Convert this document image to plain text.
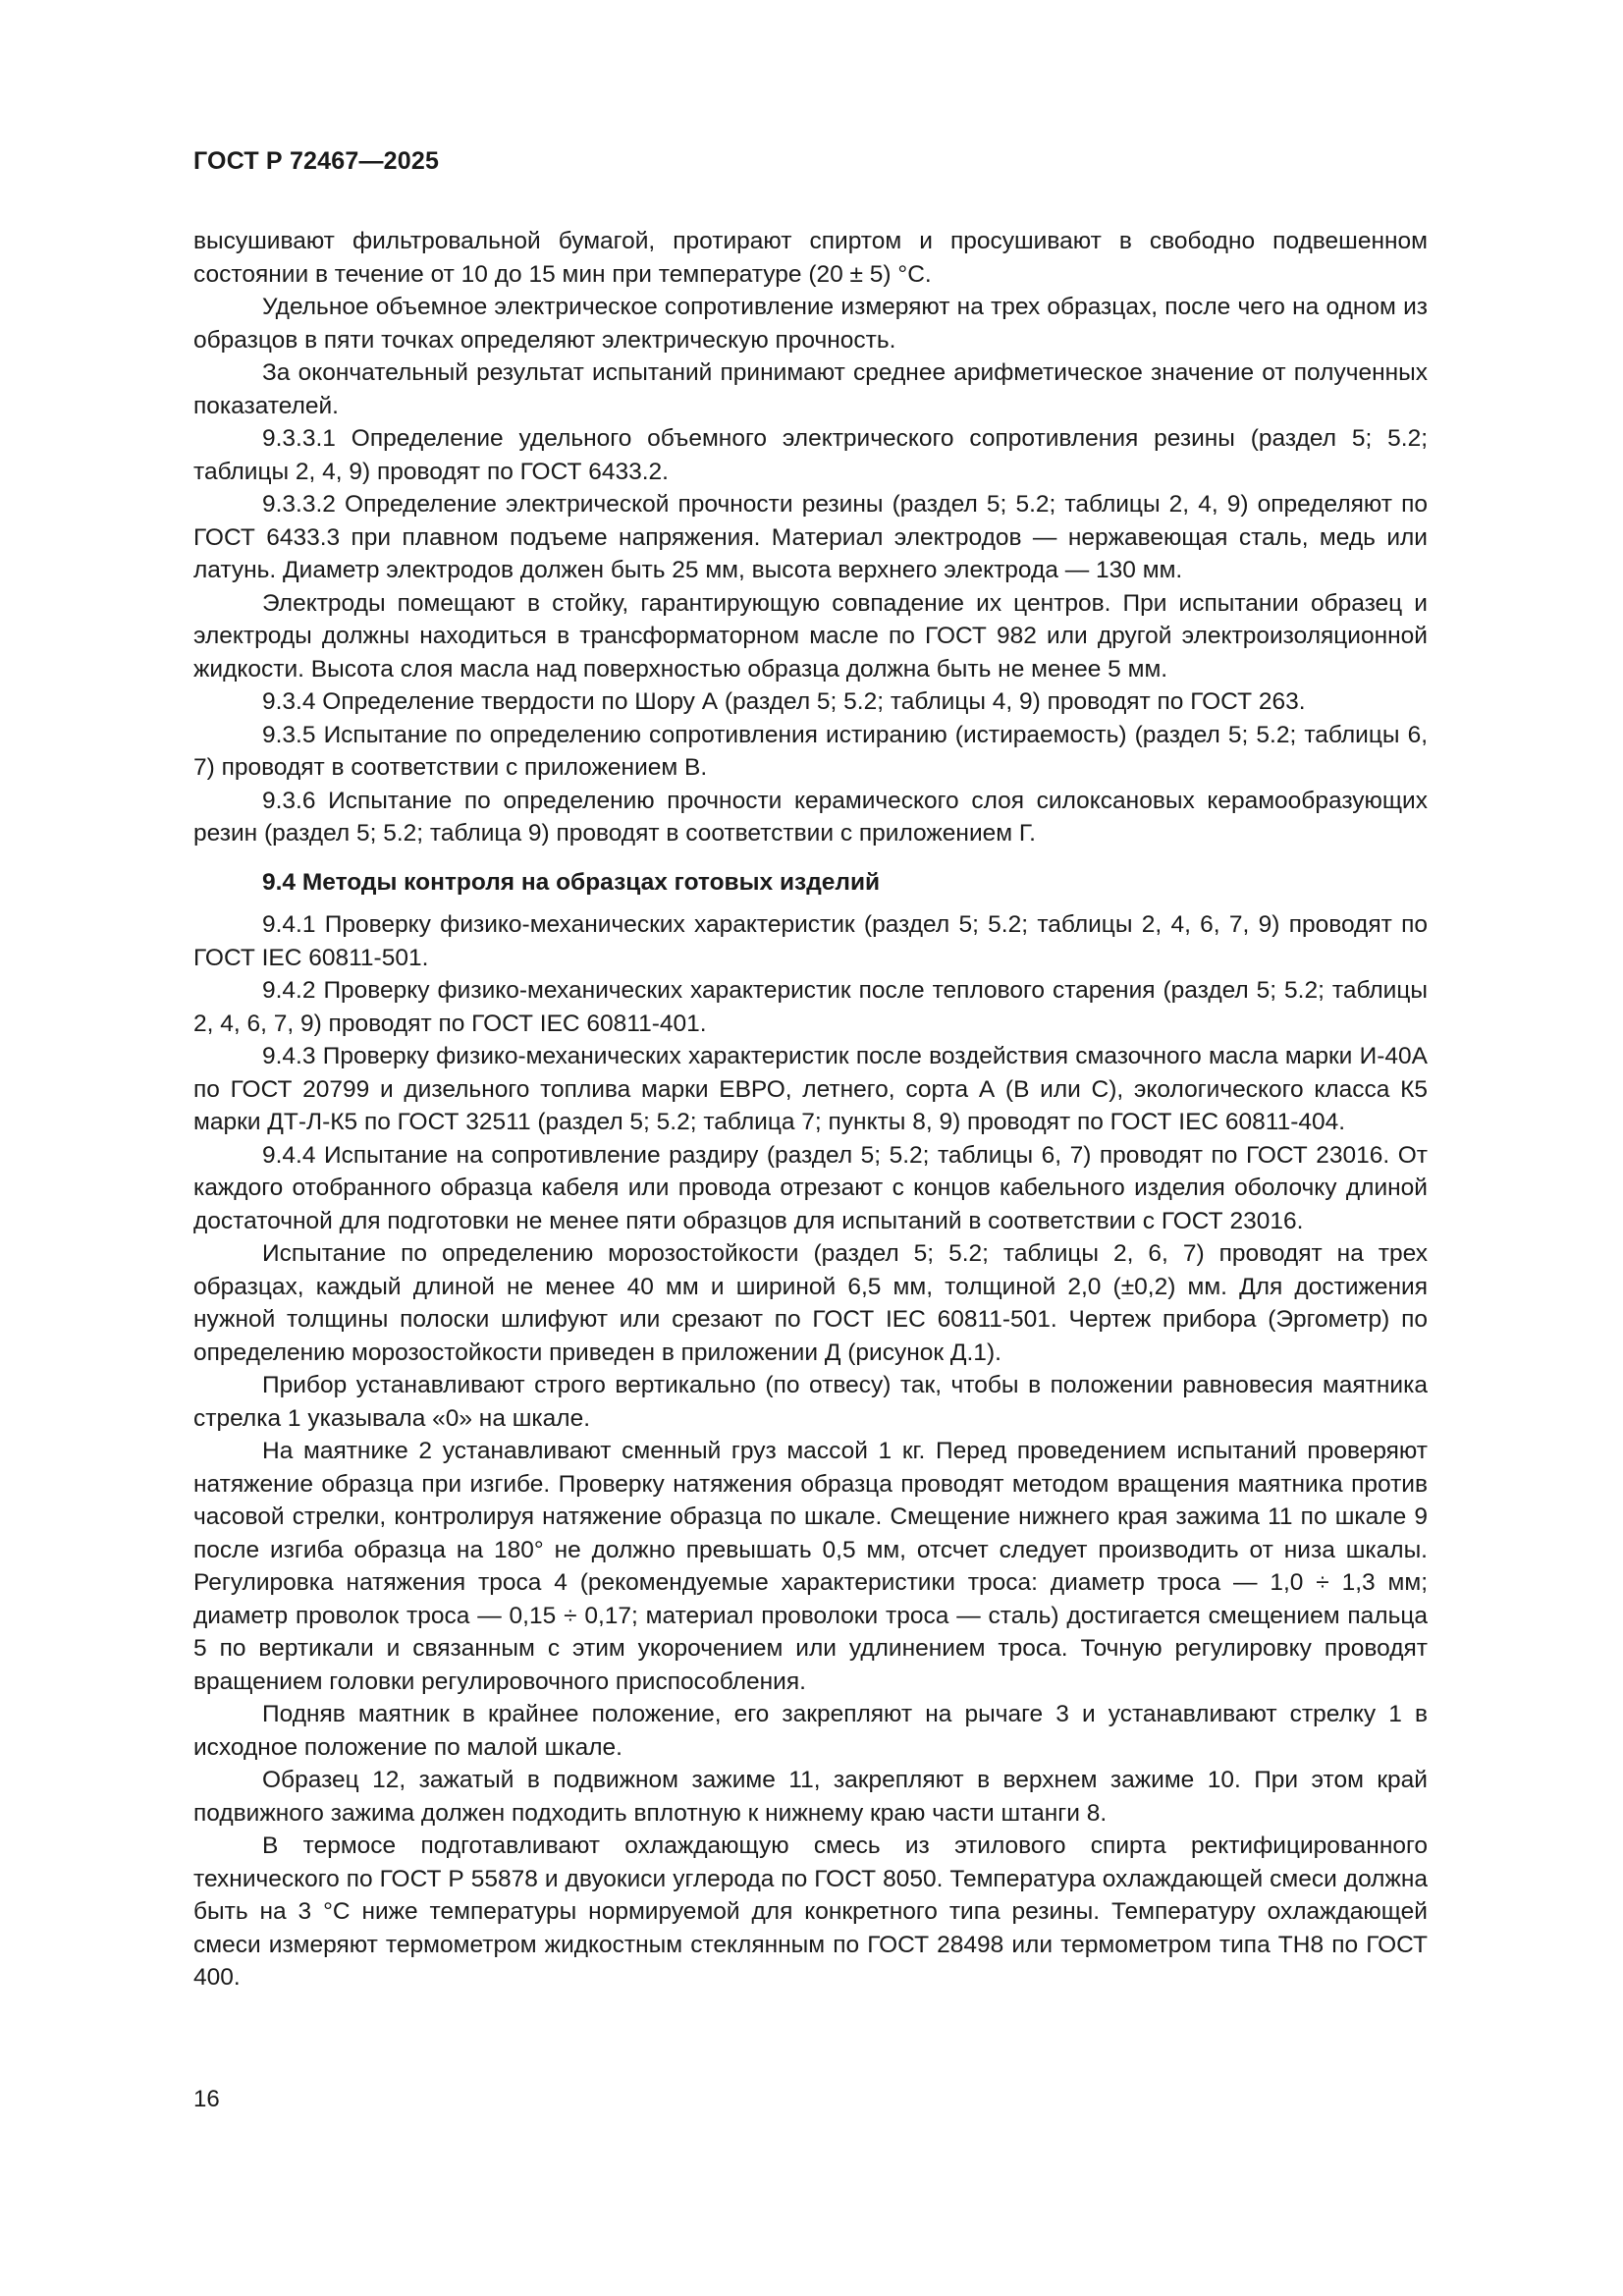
ГОСТ Р 72467—2025

высушивают фильтровальной бумагой, протирают спиртом и просушивают в свободно подвешенном состоянии в течение от 10 до 15 мин при температуре (20 ± 5) °С.

Удельное объемное электрическое сопротивление измеряют на трех образцах, после чего на одном из образцов в пяти точках определяют электрическую прочность.

За окончательный результат испытаний принимают среднее арифметическое значение от полученных показателей.

9.3.3.1 Определение удельного объемного электрического сопротивления резины (раздел 5; 5.2; таблицы 2, 4, 9) проводят по ГОСТ 6433.2.

9.3.3.2 Определение электрической прочности резины (раздел 5; 5.2; таблицы 2, 4, 9) определяют по ГОСТ 6433.3 при плавном подъеме напряжения. Материал электродов — нержавеющая сталь, медь или латунь. Диаметр электродов должен быть 25 мм, высота верхнего электрода — 130 мм.

Электроды помещают в стойку, гарантирующую совпадение их центров. При испытании образец и электроды должны находиться в трансформаторном масле по ГОСТ 982 или другой электроизоляционной жидкости. Высота слоя масла над поверхностью образца должна быть не менее 5 мм.

9.3.4 Определение твердости по Шору А (раздел 5; 5.2; таблицы 4, 9) проводят по ГОСТ 263.

9.3.5 Испытание по определению сопротивления истиранию (истираемость) (раздел 5; 5.2; таблицы 6, 7) проводят в соответствии с приложением В.

9.3.6 Испытание по определению прочности керамического слоя силоксановых керамообразующих резин (раздел 5; 5.2; таблица 9) проводят в соответствии с приложением Г.

9.4 Методы контроля на образцах готовых изделий

9.4.1 Проверку физико-механических характеристик (раздел 5; 5.2; таблицы 2, 4, 6, 7, 9) проводят по ГОСТ IEC 60811-501.

9.4.2 Проверку физико-механических характеристик после теплового старения (раздел 5; 5.2; таблицы 2, 4, 6, 7, 9) проводят по ГОСТ IEC 60811-401.

9.4.3 Проверку физико-механических характеристик после воздействия смазочного масла марки И-40А по ГОСТ 20799 и дизельного топлива марки ЕВРО, летнего, сорта А (В или С), экологического класса К5 марки ДТ-Л-К5 по ГОСТ 32511 (раздел 5; 5.2; таблица 7; пункты 8, 9) проводят по ГОСТ IEC 60811-404.

9.4.4 Испытание на сопротивление раздиру (раздел 5; 5.2; таблицы 6, 7) проводят по ГОСТ 23016. От каждого отобранного образца кабеля или провода отрезают с концов кабельного изделия оболочку длиной достаточной для подготовки не менее пяти образцов для испытаний в соответствии с ГОСТ 23016.

Испытание по определению морозостойкости (раздел 5; 5.2; таблицы 2, 6, 7) проводят на трех образцах, каждый длиной не менее 40 мм и шириной 6,5 мм, толщиной 2,0 (±0,2) мм. Для достижения нужной толщины полоски шлифуют или срезают по ГОСТ IEC 60811-501. Чертеж прибора (Эргометр) по определению морозостойкости приведен в приложении Д (рисунок Д.1).

Прибор устанавливают строго вертикально (по отвесу) так, чтобы в положении равновесия маятника стрелка 1 указывала «0» на шкале.

На маятнике 2 устанавливают сменный груз массой 1 кг. Перед проведением испытаний проверяют натяжение образца при изгибе. Проверку натяжения образца проводят методом вращения маятника против часовой стрелки, контролируя натяжение образца по шкале. Смещение нижнего края зажима 11 по шкале 9 после изгиба образца на 180° не должно превышать 0,5 мм, отсчет следует производить от низа шкалы. Регулировка натяжения троса 4 (рекомендуемые характеристики троса: диаметр троса — 1,0 ÷ 1,3 мм; диаметр проволок троса — 0,15 ÷ 0,17; материал проволоки троса — сталь) достигается смещением пальца 5 по вертикали и связанным с этим укорочением или удлинением троса. Точную регулировку проводят вращением головки регулировочного приспособления.

Подняв маятник в крайнее положение, его закрепляют на рычаге 3 и устанавливают стрелку 1 в исходное положение по малой шкале.

Образец 12, зажатый в подвижном зажиме 11, закрепляют в верхнем зажиме 10. При этом край подвижного зажима должен подходить вплотную к нижнему краю части штанги 8.

В термосе подготавливают охлаждающую смесь из этилового спирта ректифицированного технического по ГОСТ Р 55878 и двуокиси углерода по ГОСТ 8050. Температура охлаждающей смеси должна быть на 3 °С ниже температуры нормируемой для конкретного типа резины. Температуру охлаждающей смеси измеряют термометром жидкостным стеклянным по ГОСТ 28498 или термометром типа ТН8 по ГОСТ 400.

16
